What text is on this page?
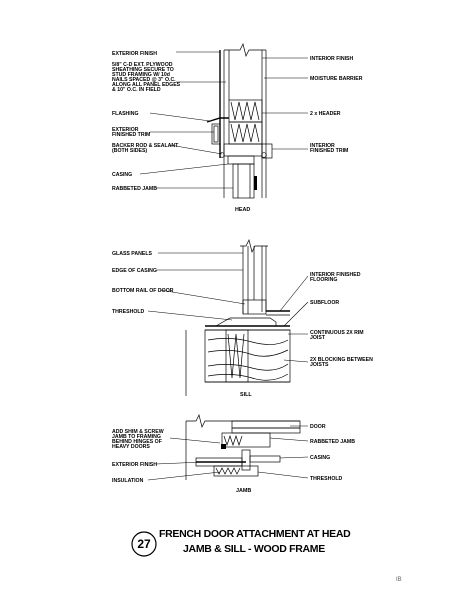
EXTERIOR FINISH
5/8" C-D EXT. PLYWOOD
SHEATHING SECURE TO
STUD FRAMING W/ 10d
NAILS SPACED @ 3" O.C.
ALONG ALL PANEL EDGES
& 10" O.C. IN FIELD
FLASHING
EXTERIOR
FINISHED TRIM
BACKER ROD & SEALANT
(BOTH SIDES)
CASING
RABBETED JAMB
INTERIOR FINISH
MOISTURE BARRIER
2 x HEADER
INTERIOR
FINISHED TRIM
HEAD
GLASS PANELS
EDGE OF CASING
BOTTOM RAIL OF DOOR
THRESHOLD
INTERIOR FINISHED
FLOORING
SUBFLOOR
CONTINUOUS 2X RIM
JOIST
2X BLOCKING BETWEEN
JOISTS
SILL
ADD SHIM & SCREW
JAMB TO FRAMING
BEHIND HINGES OF
HEAVY DOORS
EXTERIOR FINISH
INSULATION
DOOR
RABBETED JAMB
CASING
THRESHOLD
JAMB
27
FRENCH DOOR ATTACHMENT AT HEAD
JAMB & SILL - WOOD FRAME
IB
